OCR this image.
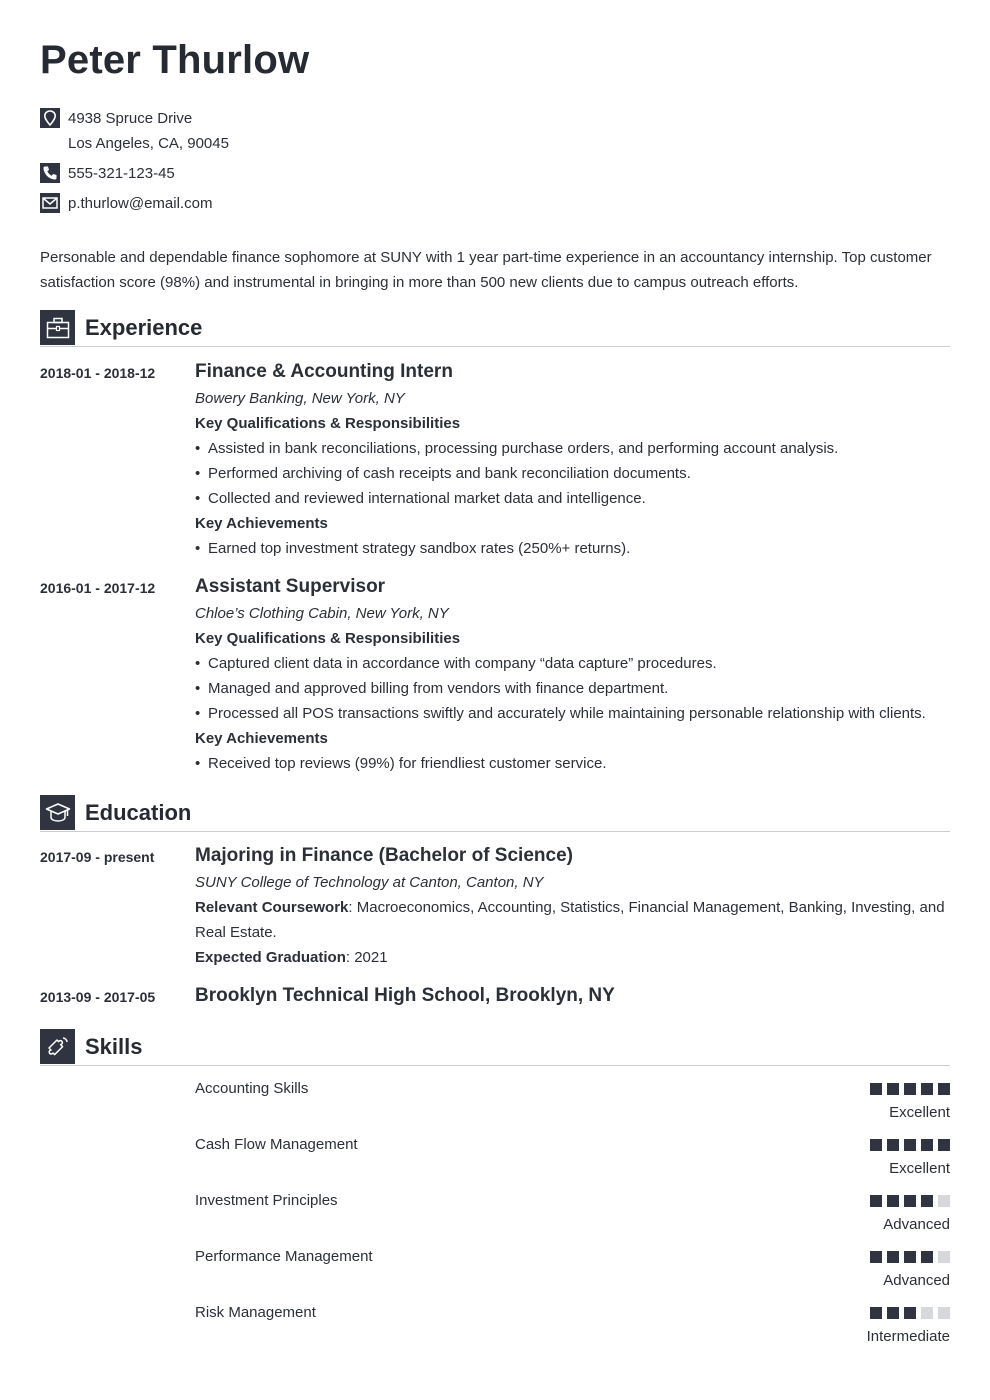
Peter Thurlow
4938 Spruce Drive
Los Angeles, CA, 90045
555-321-123-45
p.thurlow@email.com

Personable and dependable finance sophomore at SUNY with 1 year part-time experience in an accountancy internship. Top customer satisfaction score (98%) and instrumental in bringing in more than 500 new clients due to campus outreach efforts.

Experience
2018-01 - 2018-12 Finance & Accounting Intern
Bowery Banking, New York, NY
Key Qualifications & Responsibilities
• Assisted in bank reconciliations, processing purchase orders, and performing account analysis.
• Performed archiving of cash receipts and bank reconciliation documents.
• Collected and reviewed international market data and intelligence.
Key Achievements
• Earned top investment strategy sandbox rates (250%+ returns).
2016-01 - 2017-12 Assistant Supervisor
Chloe’s Clothing Cabin, New York, NY
Key Qualifications & Responsibilities
• Captured client data in accordance with company “data capture” procedures.
• Managed and approved billing from vendors with finance department.
• Processed all POS transactions swiftly and accurately while maintaining personable relationship with clients.
Key Achievements
• Received top reviews (99%) for friendliest customer service.
Education
2017-09 - present Majoring in Finance (Bachelor of Science)
SUNY College of Technology at Canton, Canton, NY
Relevant Coursework: Macroeconomics, Accounting, Statistics, Financial Management, Banking, Investing, and Real Estate.
Expected Graduation: 2021
2013-09 - 2017-05 Brooklyn Technical High School, Brooklyn, NY
Skills
Accounting Skills
Excellent
Cash Flow Management
Excellent
Investment Principles
Advanced
Performance Management
Advanced
Risk Management
Intermediate
